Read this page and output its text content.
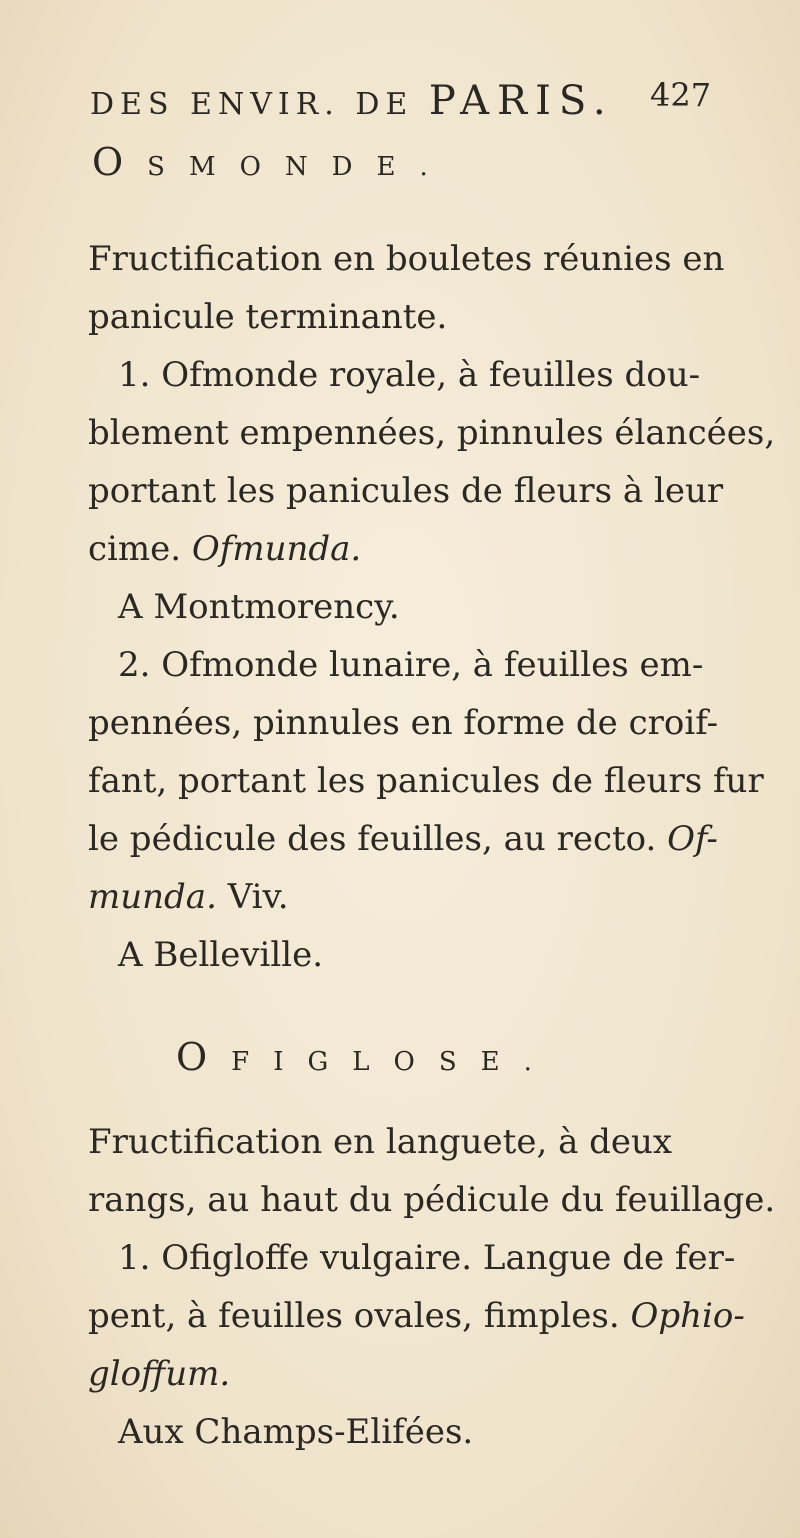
DES ENVIR. DE PARIS. 427
OSMONDE.
Fructification en bouletes réunies en
panicule terminante.
1. Ofmonde royale, à feuilles dou-
blement empennées, pinnules élancées,
portant les panicules de fleurs à leur
cime. Ofmunda.
A Montmorency.
2. Ofmonde lunaire, à feuilles em-
pennées, pinnules en forme de croif-
fant, portant les panicules de fleurs fur
le pédicule des feuilles, au recto. Of-
munda. Viv.
A Belleville.
OFIGLOSE.
Fructification en languete, à deux
rangs, au haut du pédicule du feuillage.
1. Ofigloffe vulgaire. Langue de fer-
pent, à feuilles ovales, fimples. Ophio-
gloffum.
Aux Champs-Elifées.
